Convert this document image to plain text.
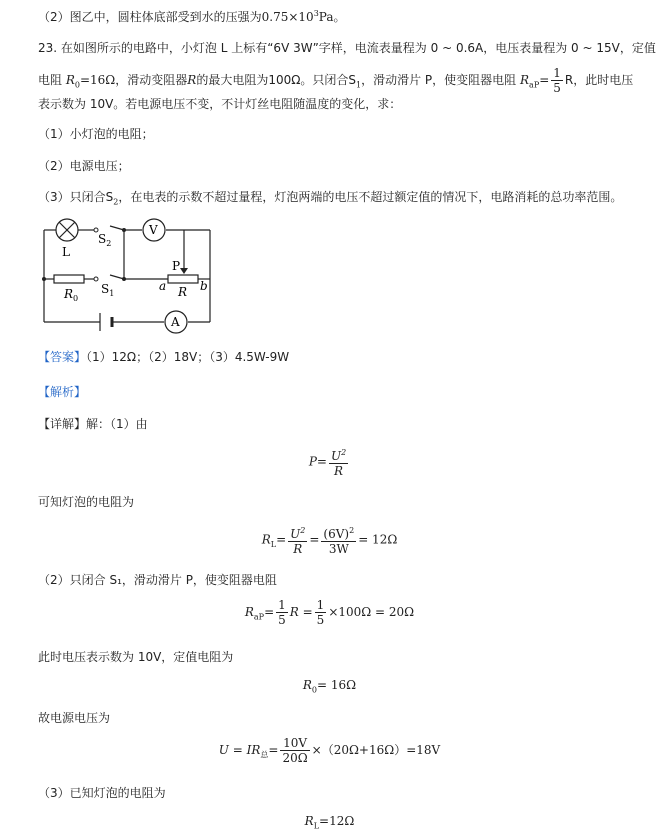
（2）图乙中，圆柱体底部受到水的压强为$0.75\times 10^3Pa$。
23. 在如图所示的电路中，小灯泡 L 上标有“6V 3W”字样，电流表量程为 0 ~ 0.6A，电压表量程为 0 ~ 15V，定值
电阻 $R_0=16\Omega$，滑动变阻器R的最大电阻为100Ω。只闭合$S_1$，滑动滑片 P，使变阻器电阻 $R_{aP}= \frac{1}{5}$ R，此时电压
表示数为 10V。若电源电压不变，不计灯丝电阻随温度的变化，求：
（1）小灯泡的电阻；
（2）电源电压；
（3）只闭合$S_2$，在电表的示数不超过量程，灯泡两端的电压不超过额定值的情况下，电路消耗的总功率范围。
L
$S_2$
V
P
$R_0$
$S_1$
a R b
A
【答案】（1）12Ω；（2）18V；（3）4.5W-9W
【解析】
【详解】解：（1）由
$P= \frac{U^2}{R}$
可知灯泡的电阻为
$R_L= \frac{U^2}{R} = \frac{(6V)^2}{3W} = 12\Omega$
（2）只闭合 S₁，滑动滑片 P，使变阻器电阻
$R_{aP}= \frac{1}{5}$ $R = \frac{1}{5} \times 100\Omega = 20\Omega$
此时电压表示数为 10V，定值电阻为
$R_0= 16\Omega$
故电源电压为
$U = IR_总= \frac{10V}{20\Omega} \times(20\Omega+16\Omega)=18V$
（3）已知灯泡的电阻为
$R_L=12\Omega$
